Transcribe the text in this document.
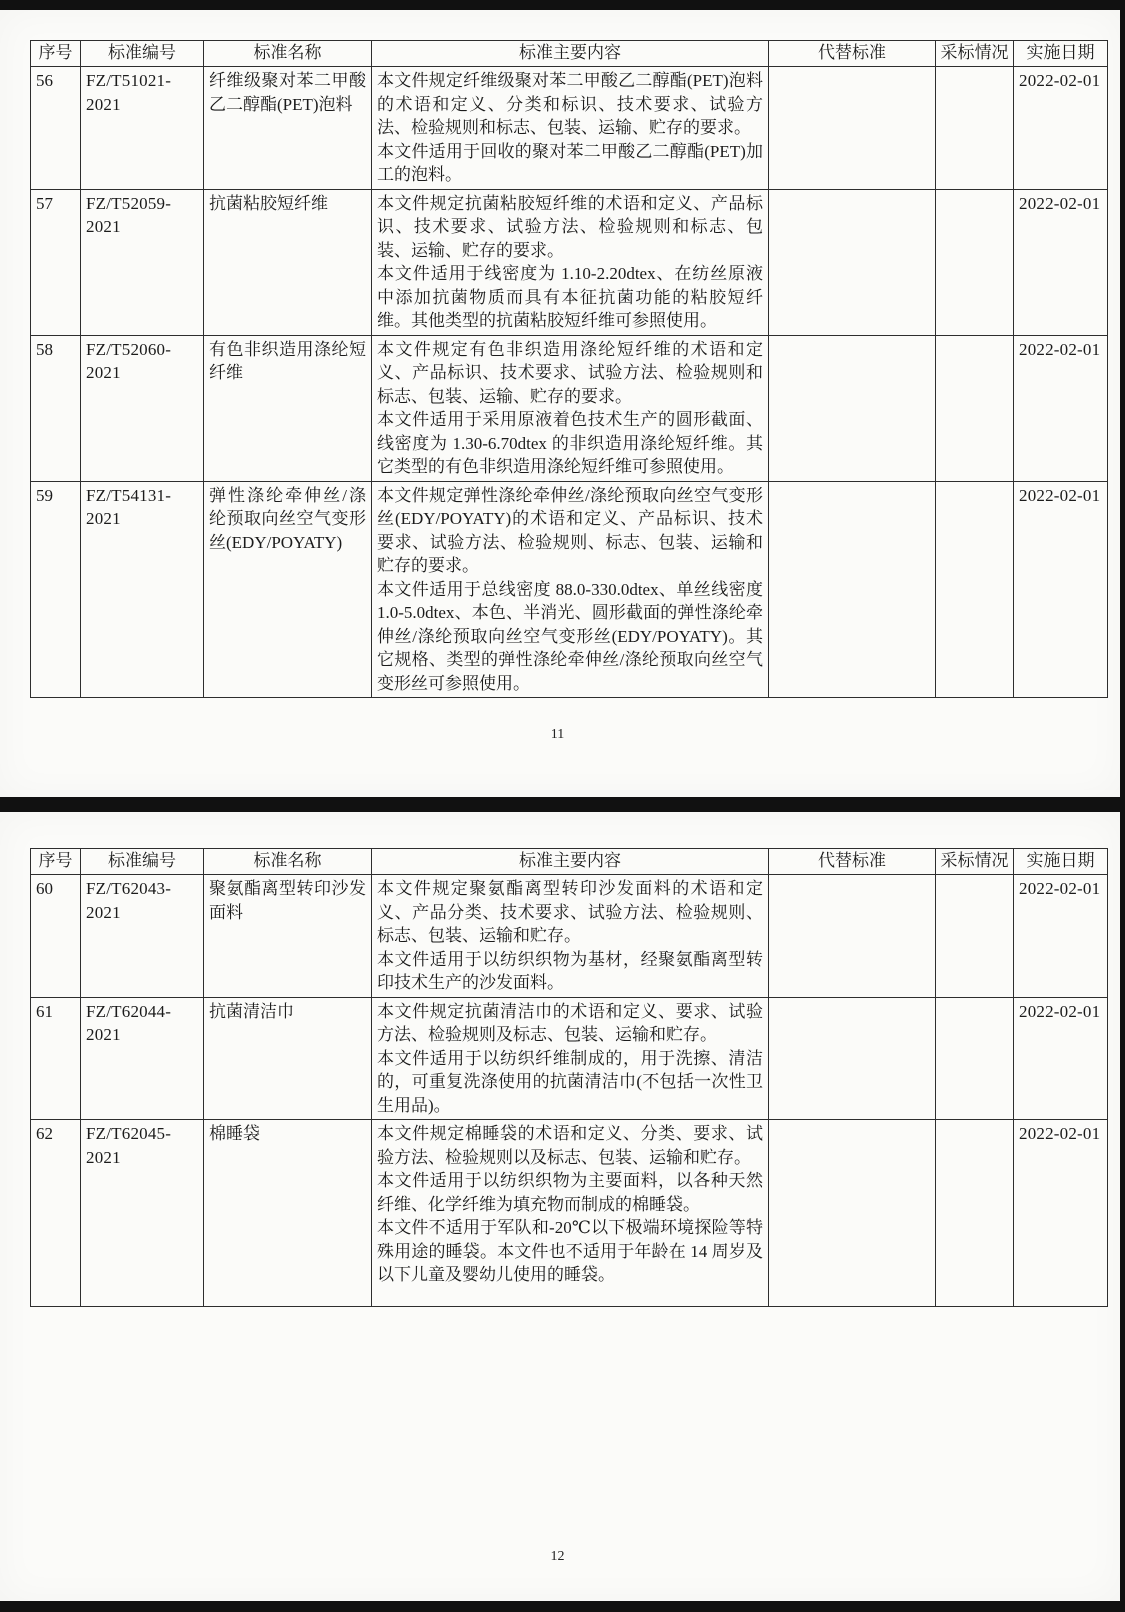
序号	标准编号	标准名称	标准主要内容	代替标准	采标情况	实施日期
56	FZ/T51021-2021	纤维级聚对苯二甲酸乙二醇酯(PET)泡料	本文件规定纤维级聚对苯二甲酸乙二醇酯(PET)泡料的术语和定义、分类和标识、技术要求、试验方法、检验规则和标志、包装、运输、贮存的要求。
本文件适用于回收的聚对苯二甲酸乙二醇酯(PET)加工的泡料。			2022-02-01
57	FZ/T52059-2021	抗菌粘胶短纤维	本文件规定抗菌粘胶短纤维的术语和定义、产品标识、技术要求、试验方法、检验规则和标志、包装、运输、贮存的要求。
本文件适用于线密度为 1.10-2.20dtex、在纺丝原液中添加抗菌物质而具有本征抗菌功能的粘胶短纤维。其他类型的抗菌粘胶短纤维可参照使用。			2022-02-01
58	FZ/T52060-2021	有色非织造用涤纶短纤维	本文件规定有色非织造用涤纶短纤维的术语和定义、产品标识、技术要求、试验方法、检验规则和标志、包装、运输、贮存的要求。
本文件适用于采用原液着色技术生产的圆形截面、线密度为 1.30-6.70dtex 的非织造用涤纶短纤维。其它类型的有色非织造用涤纶短纤维可参照使用。			2022-02-01
59	FZ/T54131-2021	弹性涤纶牵伸丝/涤纶预取向丝空气变形丝(EDY/POYATY)	本文件规定弹性涤纶牵伸丝/涤纶预取向丝空气变形丝(EDY/POYATY)的术语和定义、产品标识、技术要求、试验方法、检验规则、标志、包装、运输和贮存的要求。
本文件适用于总线密度 88.0-330.0dtex、单丝线密度 1.0-5.0dtex、本色、半消光、圆形截面的弹性涤纶牵伸丝/涤纶预取向丝空气变形丝(EDY/POYATY)。其它规格、类型的弹性涤纶牵伸丝/涤纶预取向丝空气变形丝可参照使用。			2022-02-01
11
序号	标准编号	标准名称	标准主要内容	代替标准	采标情况	实施日期
60	FZ/T62043-2021	聚氨酯离型转印沙发面料	本文件规定聚氨酯离型转印沙发面料的术语和定义、产品分类、技术要求、试验方法、检验规则、标志、包装、运输和贮存。
本文件适用于以纺织织物为基材，经聚氨酯离型转印技术生产的沙发面料。			2022-02-01
61	FZ/T62044-2021	抗菌清洁巾	本文件规定抗菌清洁巾的术语和定义、要求、试验方法、检验规则及标志、包装、运输和贮存。
本文件适用于以纺织纤维制成的，用于洗擦、清洁的，可重复洗涤使用的抗菌清洁巾(不包括一次性卫生用品)。			2022-02-01
62	FZ/T62045-2021	棉睡袋	本文件规定棉睡袋的术语和定义、分类、要求、试验方法、检验规则以及标志、包装、运输和贮存。
本文件适用于以纺织织物为主要面料，以各种天然纤维、化学纤维为填充物而制成的棉睡袋。
本文件不适用于军队和-20℃以下极端环境探险等特殊用途的睡袋。本文件也不适用于年龄在 14 周岁及以下儿童及婴幼儿使用的睡袋。			2022-02-01
12
